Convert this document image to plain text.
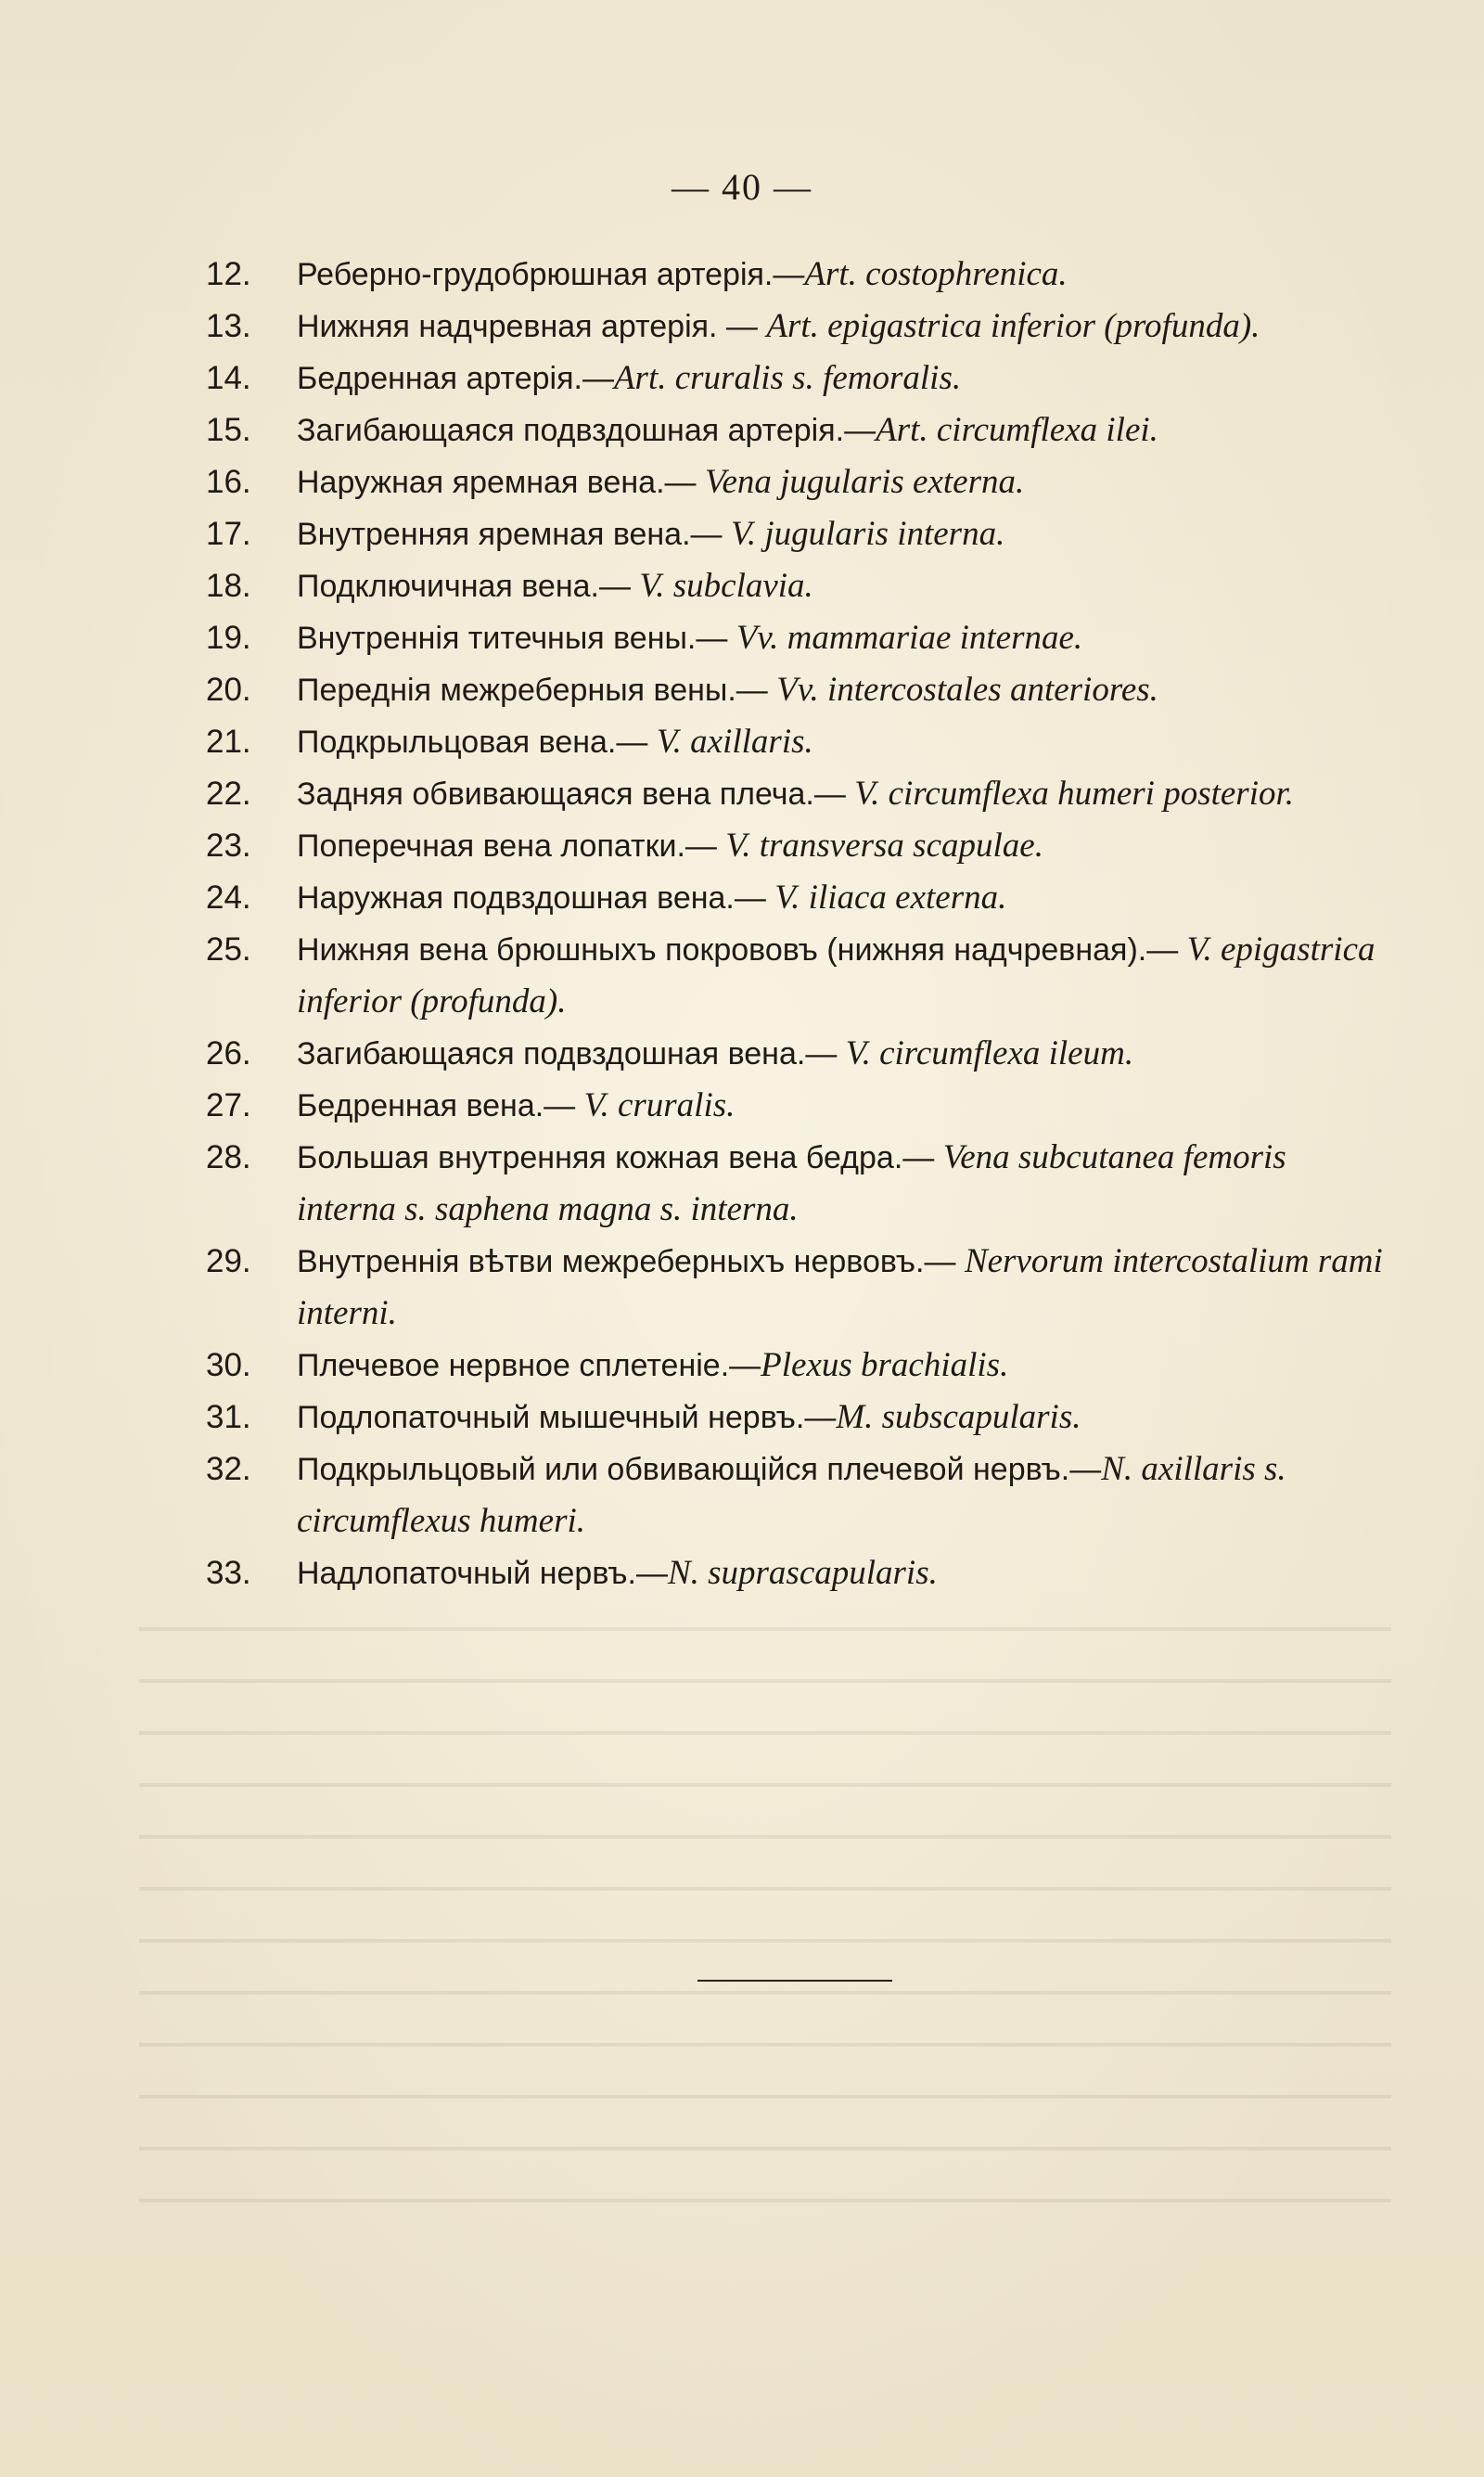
— 40 —
12.	Реберно-грудобрюшная артерія.—Art. costophrenica.
13.	Нижняя надчревная артерія. — Art. epigastrica inferior (profunda).
14.	Бедренная артерія.—Art. cruralis s. femoralis.
15.	Загибающаяся подвздошная артерія.—Art. circumflexa ilei.
16.	Наружная яремная вена.— Vena jugularis externa.
17.	Внутренняя яремная вена.— V. jugularis interna.
18.	Подключичная вена.— V. subclavia.
19.	Внутреннія титечныя вены.— Vv. mammariae internae.
20.	Переднія межреберныя вены.— Vv. intercostales anteriores.
21.	Подкрыльцовая вена.— V. axillaris.
22.	Задняя обвивающаяся вена плеча.— V. circumflexa humeri posterior.
23.	Поперечная вена лопатки.— V. transversa scapulae.
24.	Наружная подвздошная вена.— V. iliaca externa.
25.	Нижняя вена брюшныхъ покрововъ (нижняя надчревная).— V. epigastrica inferior (profunda).
26.	Загибающаяся подвздошная вена.— V. circumflexa ileum.
27.	Бедренная вена.— V. cruralis.
28.	Большая внутренняя кожная вена бедра.— Vena subcutanea femoris interna s. saphena magna s. interna.
29.	Внутреннія вѣтви межреберныхъ нервовъ.— Nervorum intercostalium rami interni.
30.	Плечевое нервное сплетеніе.—Plexus brachialis.
31.	Подлопаточный мышечный нервъ.—M. subscapularis.
32.	Подкрыльцовый или обвивающійся плечевой нервъ.—N. axillaris s. circumflexus humeri.
33.	Надлопаточный нервъ.—N. suprascapularis.
